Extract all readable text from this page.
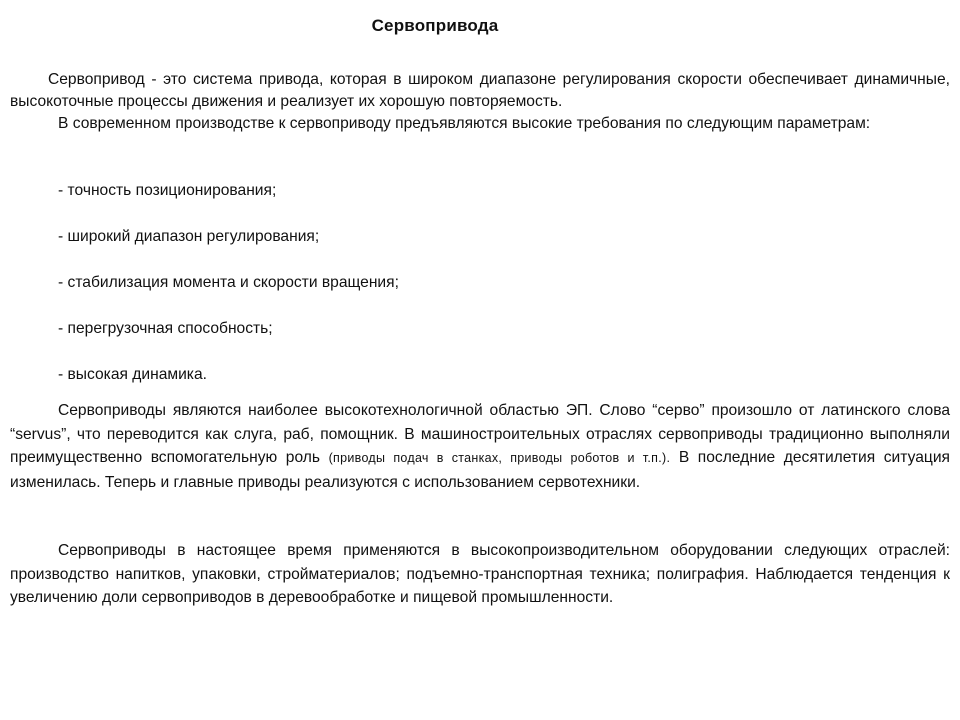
Сервопривода

Сервопривод - это система привода, которая в широком диапазоне регулирования скорости обеспечивает динамичные, высокоточные процессы движения и реализует их хорошую повторяемость.

В современном производстве к сервоприводу предъявляются высокие требования по следующим параметрам:

- точность позиционирования;
- широкий диапазон регулирования;
- стабилизация момента и скорости вращения;
- перегрузочная способность;
- высокая динамика.

Сервоприводы являются наиболее высокотехнологичной областью ЭП. Слово “серво” произошло от латинского слова “servus”, что переводится как слуга, раб, помощник. В машиностроительных отраслях сервоприводы традиционно выполняли преимущественно вспомогательную роль (приводы подач в станках, приводы роботов и т.п.). В последние десятилетия ситуация изменилась. Теперь и главные приводы реализуются с использованием сервотехники.

Сервоприводы в настоящее время применяются в высокопроизводительном оборудовании следующих отраслей: производство напитков, упаковки, стройматериалов; подъемно-транспортная техника; полиграфия. Наблюдается тенденция к увеличению доли сервоприводов в деревообработке и пищевой промышленности.
